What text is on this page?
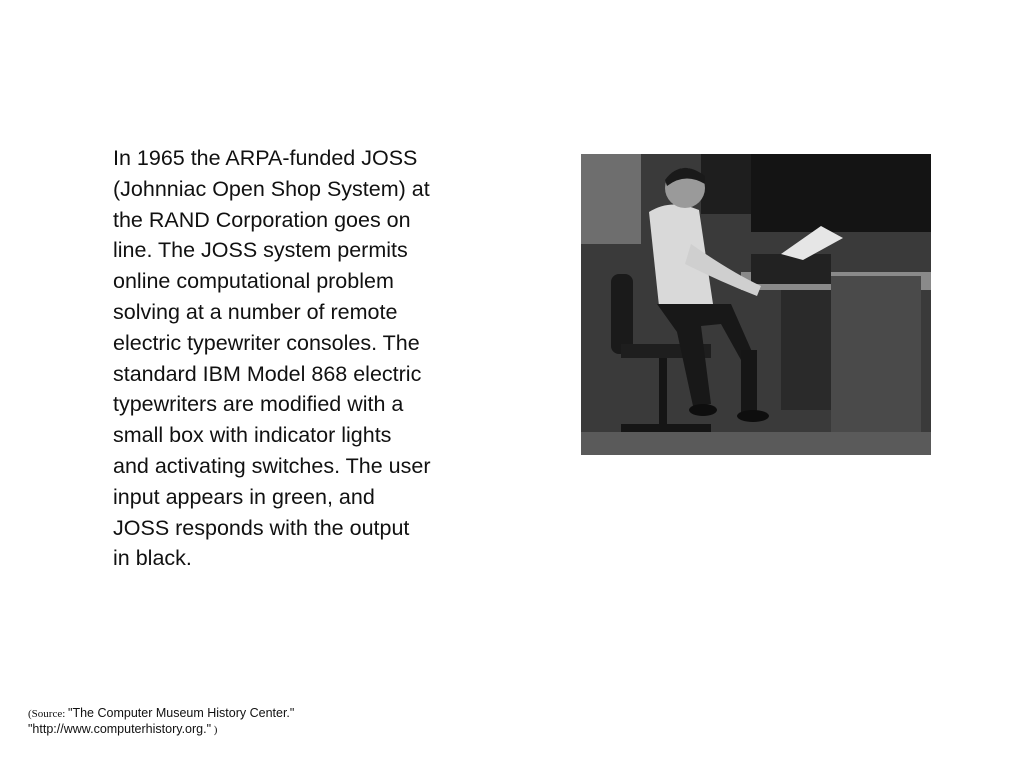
In 1965 the ARPA-funded JOSS
(Johnniac Open Shop System) at
the RAND Corporation goes on
line. The JOSS system permits
online computational problem
solving at a number of remote
electric typewriter consoles. The
standard IBM Model 868 electric
typewriters are modified with a
small box with indicator lights
and activating switches. The user
input appears in green, and
JOSS responds with the output
in black.

(Source: "The Computer Museum History Center."
"http://www.computerhistory.org." )
